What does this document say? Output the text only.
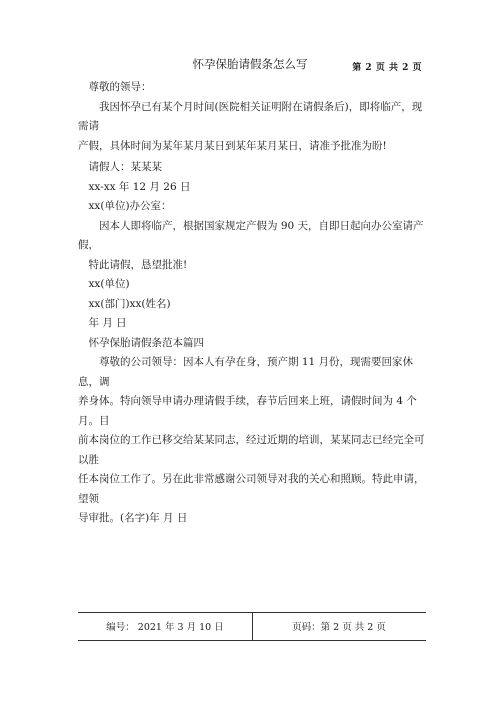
怀孕保胎请假条怎么写	第 2 页 共 2 页

尊敬的领导：

我因怀孕已有某个月时间(医院相关证明附在请假条后)，即将临产，现需请

产假，具体时间为某年某月某日到某年某月某日，请准予批准为盼!

请假人：某某某

xx-xx 年 12 月 26 日

xx(单位)办公室：

因本人即将临产，根据国家规定产假为 90 天，自即日起向办公室请产假，

特此请假，恳望批准!

xx(单位)

xx(部门)xx(姓名)

年 月 日

怀孕保胎请假条范本篇四

尊敬的公司领导：因本人有孕在身，预产期 11 月份，现需要回家休息，调

养身体。特向领导申请办理请假手续，春节后回来上班，请假时间为 4 个月。目

前本岗位的工作已移交给某某同志，经过近期的培训，某某同志已经完全可以胜

任本岗位工作了。另在此非常感谢公司领导对我的关心和照顾。特此申请，望领

导审批。(名字)年 月 日

编号： 2021 年 3 月 10 日	页码：第 2 页 共 2 页
